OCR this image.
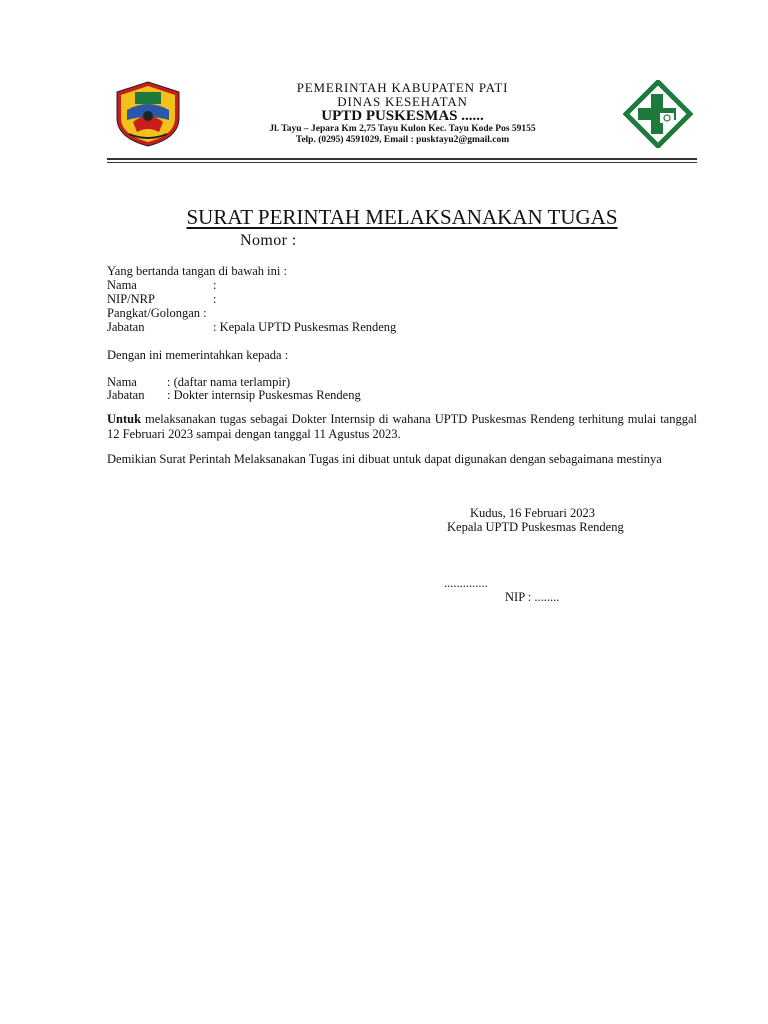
PEMERINTAH KABUPATEN PATI
DINAS KESEHATAN
UPTD PUSKESMAS ......
Jl. Tayu – Jepara Km 2,75 Tayu Kulon Kec. Tayu Kode Pos 59155
Telp. (0295) 4591029, Email : pusktayu2@gmail.com
SURAT PERINTAH MELAKSANAKAN TUGAS
Nomor :
Yang bertanda tangan di bawah ini :
Nama	:
NIP/NRP	:
Pangkat/Golongan :
Jabatan	: Kepala UPTD Puskesmas Rendeng
Dengan ini memerintahkan kepada :
Nama : (daftar nama terlampir)
Jabatan : Dokter internsip Puskesmas Rendeng
Untuk melaksanakan tugas sebagai Dokter Internsip di wahana UPTD Puskesmas Rendeng terhitung mulai tanggal 12 Februari 2023 sampai dengan tanggal 11 Agustus 2023.
Demikian Surat Perintah Melaksanakan Tugas ini dibuat untuk dapat digunakan dengan sebagaimana mestinya
Kudus, 16 Februari 2023
Kepala UPTD Puskesmas Rendeng
..............
NIP : ........
